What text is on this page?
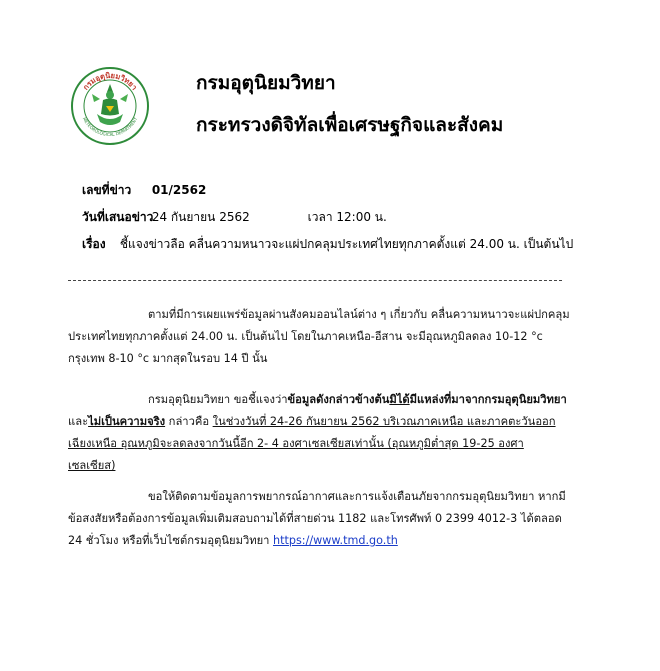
กรมอุตุนิยมวิทยา
METEOROLOGICAL DEPARTMENT
กรมอุตุนิยมวิทยา
กระทรวงดิจิทัลเพื่อเศรษฐกิจและสังคม
เลขที่ข่าว 01/2562
วันที่เสนอข่าว 24 กันยายน 2562	เวลา 12:00 น.
เรื่อง ชี้แจงข่าวลือ คลื่นความหนาวจะแผ่ปกคลุมประเทศไทยทุกภาคตั้งแต่ 24.00 น. เป็นต้นไป
ตามที่มีการเผยแพร่ข้อมูลผ่านสังคมออนไลน์ต่าง ๆ เกี่ยวกับ คลื่นความหนาวจะแผ่ปกคลุมประเทศไทยทุกภาคตั้งแต่ 24.00 น. เป็นต้นไป โดยในภาคเหนือ-อีสาน จะมีอุณหภูมิลดลง 10-12 °c กรุงเทพ 8-10 °c มากสุดในรอบ 14 ปี นั้น
กรมอุตุนิยมวิทยา ขอชี้แจงว่าข้อมูลดังกล่าวข้างต้นมิได้มีแหล่งที่มาจากกรมอุตุนิยมวิทยา และไม่เป็นความจริง กล่าวคือ ในช่วงวันที่ 24-26 กันยายน 2562 บริเวณภาคเหนือ และภาคตะวันออกเฉียงเหนือ อุณหภูมิจะลดลงจากวันนี้อีก 2- 4 องศาเซลเซียสเท่านั้น (อุณหภูมิต่ำสุด 19-25 องศาเซลเซียส)
ขอให้ติดตามข้อมูลการพยากรณ์อากาศและการแจ้งเตือนภัยจากกรมอุตุนิยมวิทยา หากมีข้อสงสัยหรือต้องการข้อมูลเพิ่มเติมสอบถามได้ที่สายด่วน 1182 และโทรศัพท์ 0 2399 4012-3 ได้ตลอด 24 ชั่วโมง หรือที่เว็บไซต์กรมอุตุนิยมวิทยา https://www.tmd.go.th
